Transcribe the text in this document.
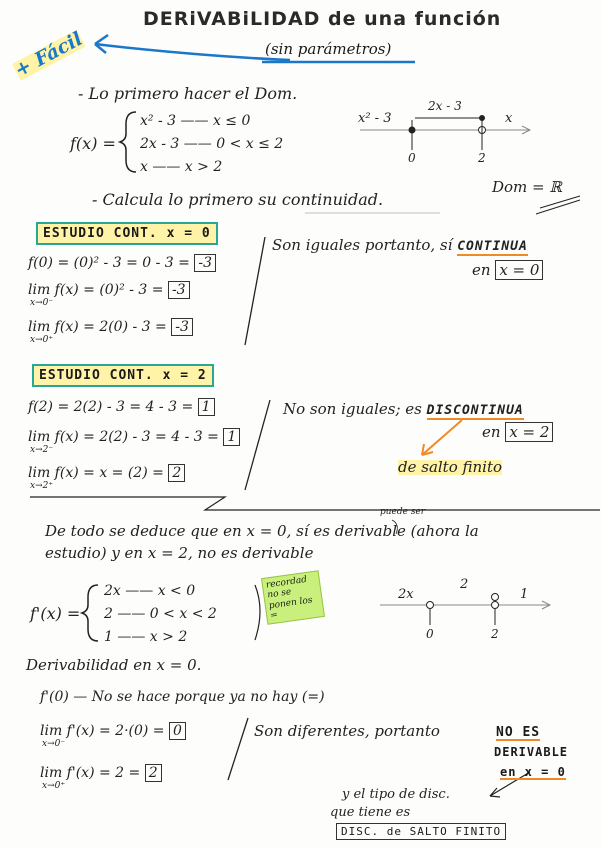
+ Fácil
DERiVABiLIDAD de una función
(sin parámetros)
- Lo primero hacer el Dom.
f(x) =
x² - 3 —— x ≤ 0
2x - 3 —— 0 < x ≤ 2
x —— x > 2
x² - 3
2x - 3
x
0	2
Dom = ℝ
- Calcula lo primero su continuidad.
ESTUDIO CONT. x = 0
f(0) = (0)² - 3 = 0 - 3 = -3
lim f(x) = (0)² - 3 = -3
x→0⁻
lim f(x) = 2(0) - 3 = -3
x→0⁺
Son iguales portanto, sí CONTINUA
en x = 0
ESTUDIO CONT. x = 2
f(2) = 2(2) - 3 = 4 - 3 = 1
lim f(x) = 2(2) - 3 = 4 - 3 = 1
x→2⁻
lim f(x) = x = (2) = 2
x→2⁺
No son iguales; es DISCONTINUA
en x = 2
de salto finito
puede ser
De todo se deduce que en x = 0, sí es derivable (ahora la
estudio) y en x = 2, no es derivable
f'(x) =
2x —— x < 0
2 —— 0 < x < 2
1 —— x > 2
recordad no se ponen los =
2x
2
1
0	2
Derivabilidad en x = 0.
f'(0) — No se hace porque ya no hay (=)
lim f'(x) = 2·(0) = 0
x→0⁻
lim f'(x) = 2 = 2
x→0⁺
Son diferentes, portanto	NO ES
DERIVABLE
en x = 0
y el tipo de disc.
que tiene es
DISC. de SALTO FINITO
